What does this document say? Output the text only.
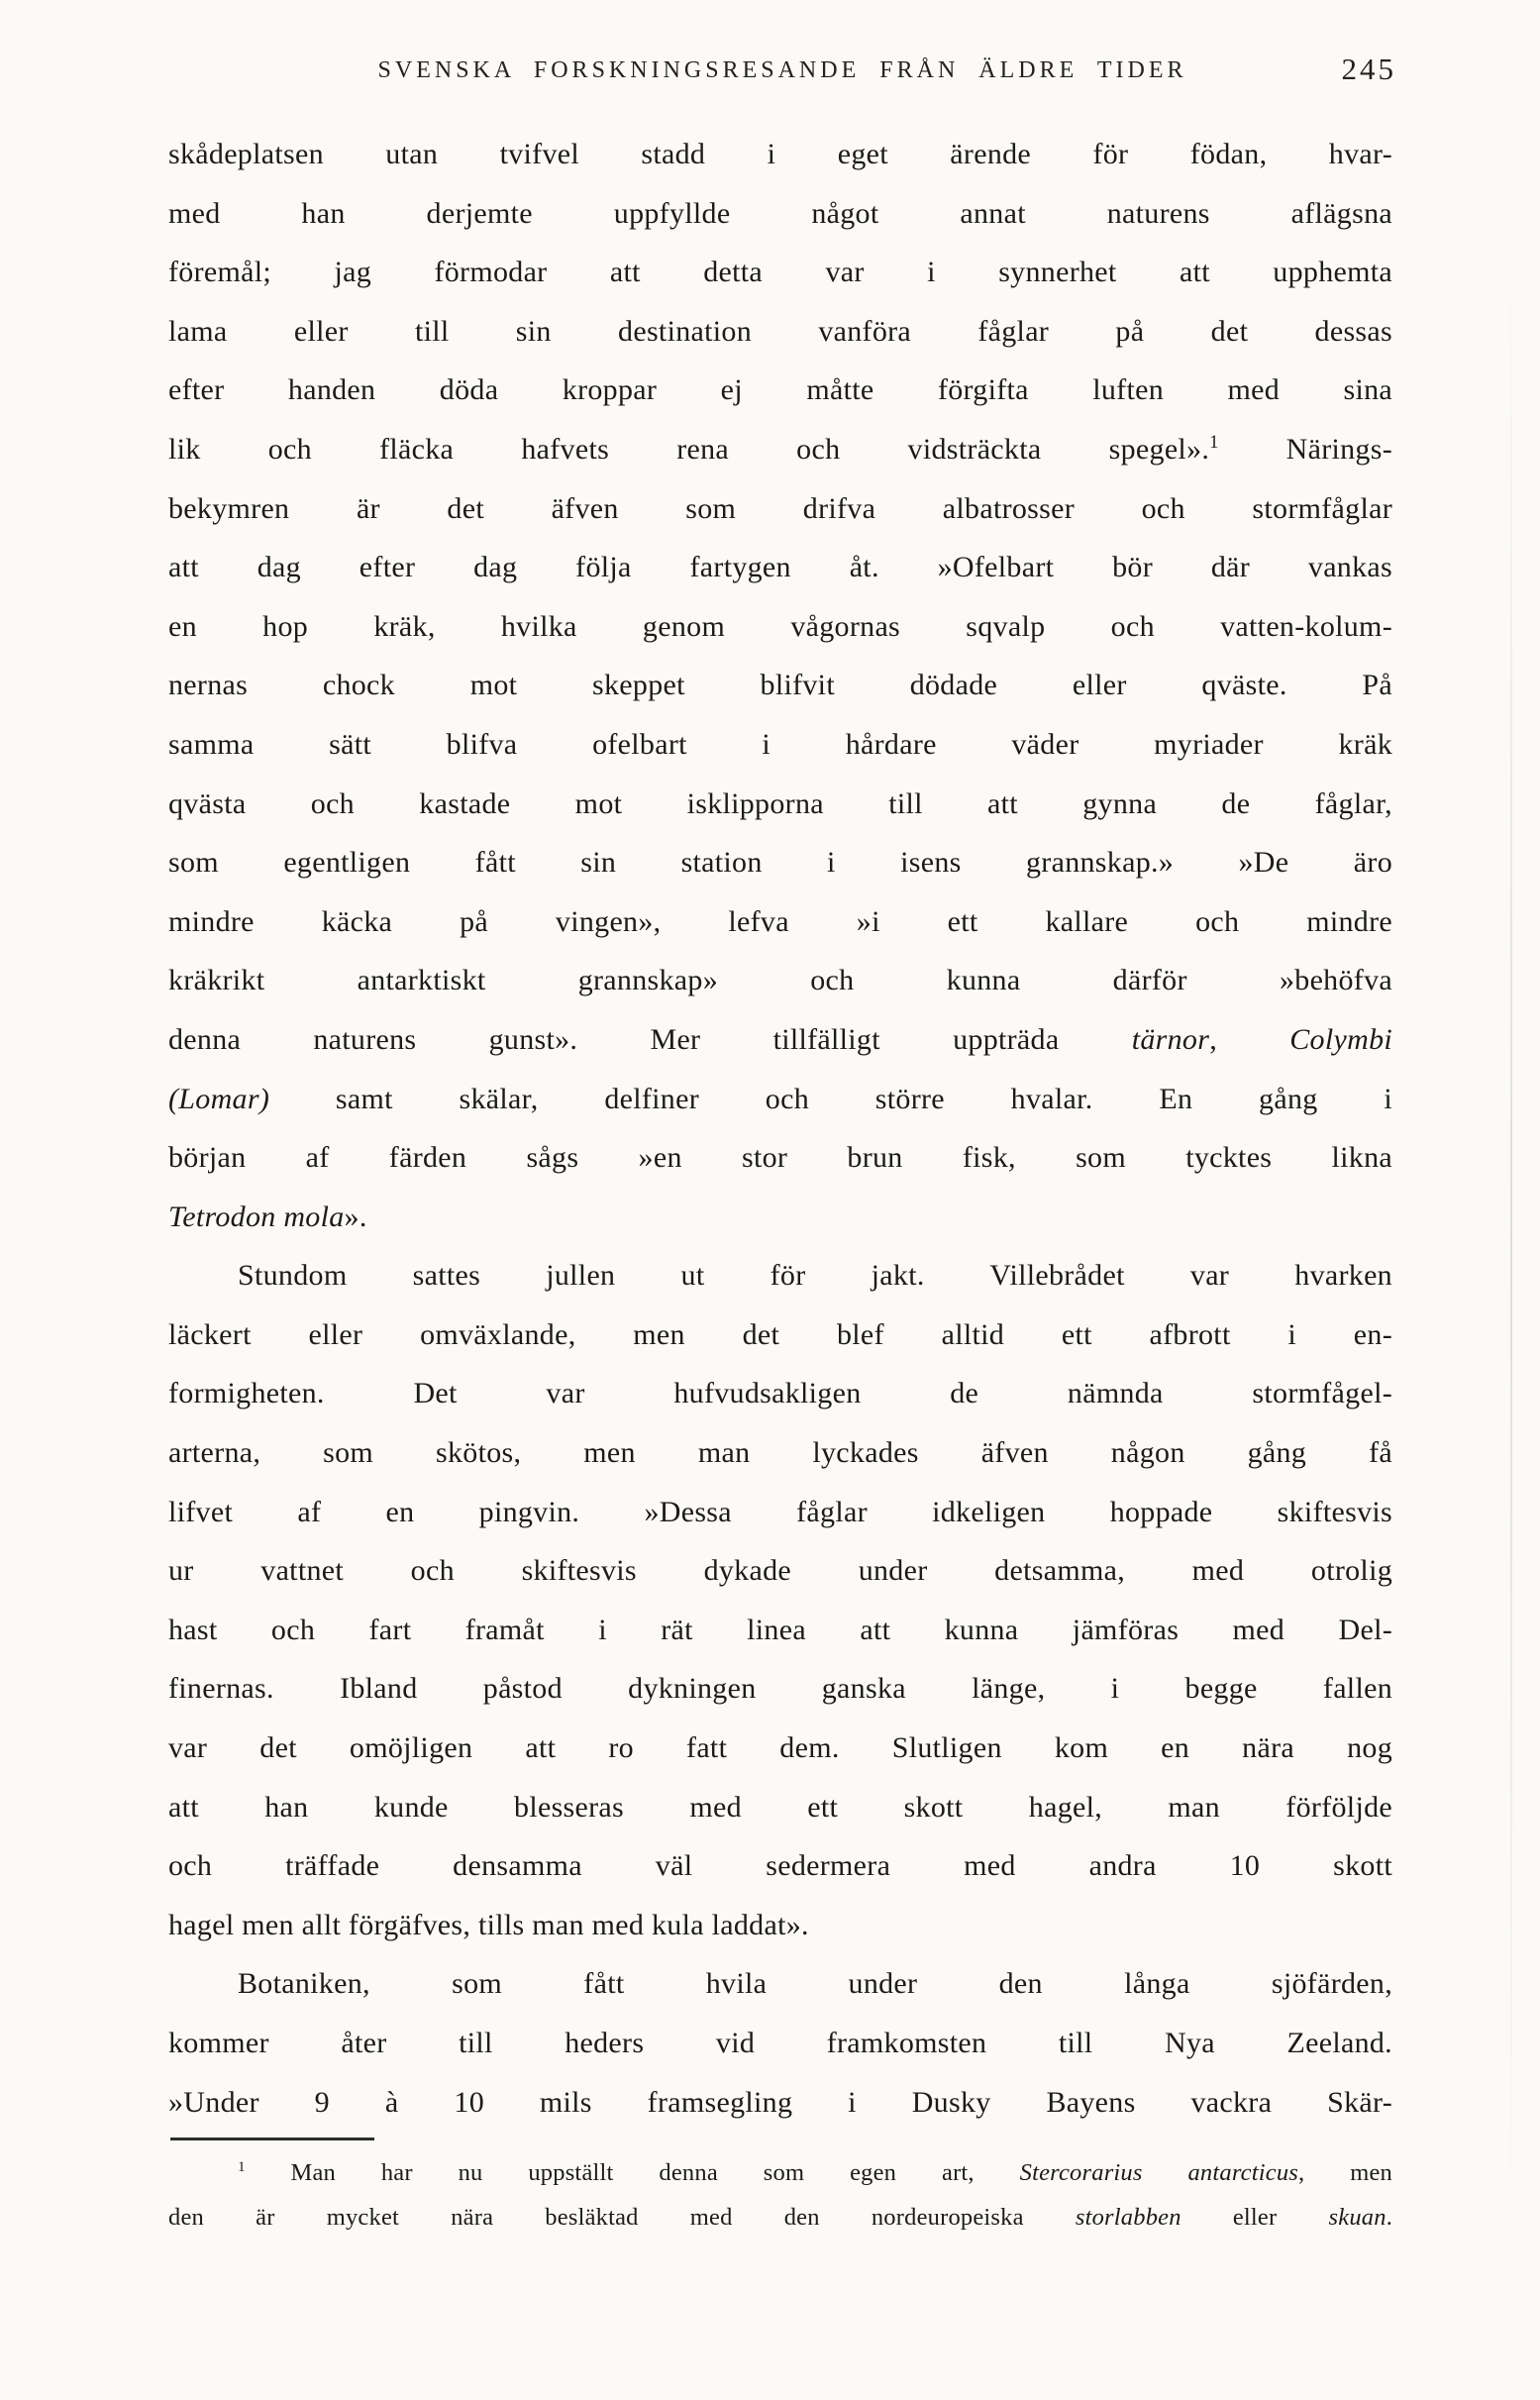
SVENSKA FORSKNINGSRESANDE FRÅN ÄLDRE TIDER	245
skådeplatsen utan tvifvel stadd i eget ärende för födan, hvar-
med han derjemte uppfyllde något annat naturens aflägsna
föremål; jag förmodar att detta var i synnerhet att upphemta
lama eller till sin destination vanföra fåglar på det dessas
efter handen döda kroppar ej måtte förgifta luften med sina
lik och fläcka hafvets rena och vidsträckta spegel».$^1$ Närings-
bekymren är det äfven som drifva albatrosser och stormfåglar
att dag efter dag följa fartygen åt. »Ofelbart bör där vankas
en hop kräk, hvilka genom vågornas sqvalp och vatten-kolum-
nernas chock mot skeppet blifvit dödade eller qväste. På
samma sätt blifva ofelbart i hårdare väder myriader kräk
qvästa och kastade mot isklipporna till att gynna de fåglar,
som egentligen fått sin station i isens grannskap.» »De äro
mindre käcka på vingen», lefva »i ett kallare och mindre
kräkrikt antarktiskt grannskap» och kunna därför »behöfva
denna naturens gunst». Mer tillfälligt uppträda tärnor, Colymbi
(Lomar) samt skälar, delfiner och större hvalar. En gång i
början af färden sågs »en stor brun fisk, som tycktes likna
Tetrodon mola».
Stundom sattes jullen ut för jakt. Villebrådet var hvarken
läckert eller omväxlande, men det blef alltid ett afbrott i en-
formigheten. Det var hufvudsakligen de nämnda stormfågel-
arterna, som skötos, men man lyckades äfven någon gång få
lifvet af en pingvin. »Dessa fåglar idkeligen hoppade skiftesvis
ur vattnet och skiftesvis dykade under detsamma, med otrolig
hast och fart framåt i rät linea att kunna jämföras med Del-
finernas. Ibland påstod dykningen ganska länge, i begge fallen
var det omöjligen att ro fatt dem. Slutligen kom en nära nog
att han kunde blesseras med ett skott hagel, man förföljde
och träffade densamma väl sedermera med andra 10 skott
hagel men allt förgäfves, tills man med kula laddat».
Botaniken, som fått hvila under den långa sjöfärden,
kommer åter till heders vid framkomsten till Nya Zeeland.
»Under 9 à 10 mils framsegling i Dusky Bayens vackra Skär-
$^1$ Man har nu uppställt denna som egen art, Stercorarius antarcticus, men
den är mycket nära besläktad med den nordeuropeiska storlabben eller skuan.
